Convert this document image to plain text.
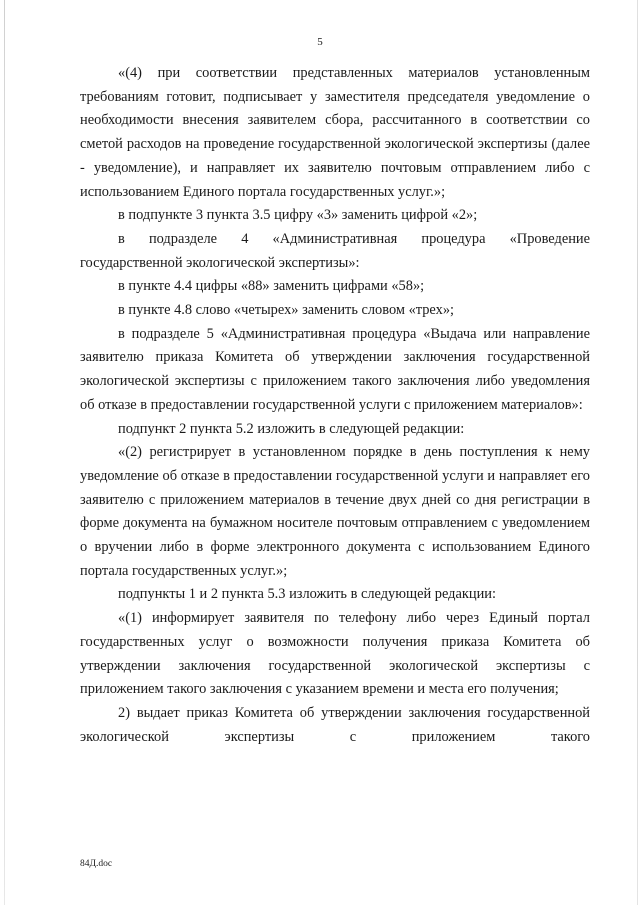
5

«(4) при соответствии представленных материалов установленным требованиям готовит, подписывает у заместителя председателя уведомление о необходимости внесения заявителем сбора, рассчитанного в соответствии со сметой расходов на проведение государственной экологической экспертизы (далее - уведомление), и направляет их заявителю почтовым отправлением либо с использованием Единого портала государственных услуг.»;

в подпункте 3 пункта 3.5 цифру «3» заменить цифрой «2»;

в подразделе 4 «Административная процедура «Проведение государственной экологической экспертизы»:

в пункте 4.4 цифры «88» заменить цифрами «58»;

в пункте 4.8 слово «четырех» заменить словом «трех»;

в подразделе 5 «Административная процедура «Выдача или направление заявителю приказа Комитета об утверждении заключения государственной экологической экспертизы с приложением такого заключения либо уведомления об отказе в предоставлении государственной услуги с приложением материалов»:

подпункт 2 пункта 5.2 изложить в следующей редакции:

«(2) регистрирует в установленном порядке в день поступления к нему уведомление об отказе в предоставлении государственной услуги и направляет его заявителю с приложением материалов в течение двух дней со дня регистрации в форме документа на бумажном носителе почтовым отправлением с уведомлением о вручении либо в форме электронного документа с использованием Единого портала государственных услуг.»;

подпункты 1 и 2 пункта 5.3 изложить в следующей редакции:

«(1) информирует заявителя по телефону либо через Единый портал государственных услуг о возможности получения приказа Комитета об утверждении заключения государственной экологической экспертизы с приложением такого заключения с указанием времени и места его получения;

2) выдает приказ Комитета об утверждении заключения государственной экологической экспертизы с приложением такого

84Д.doc
